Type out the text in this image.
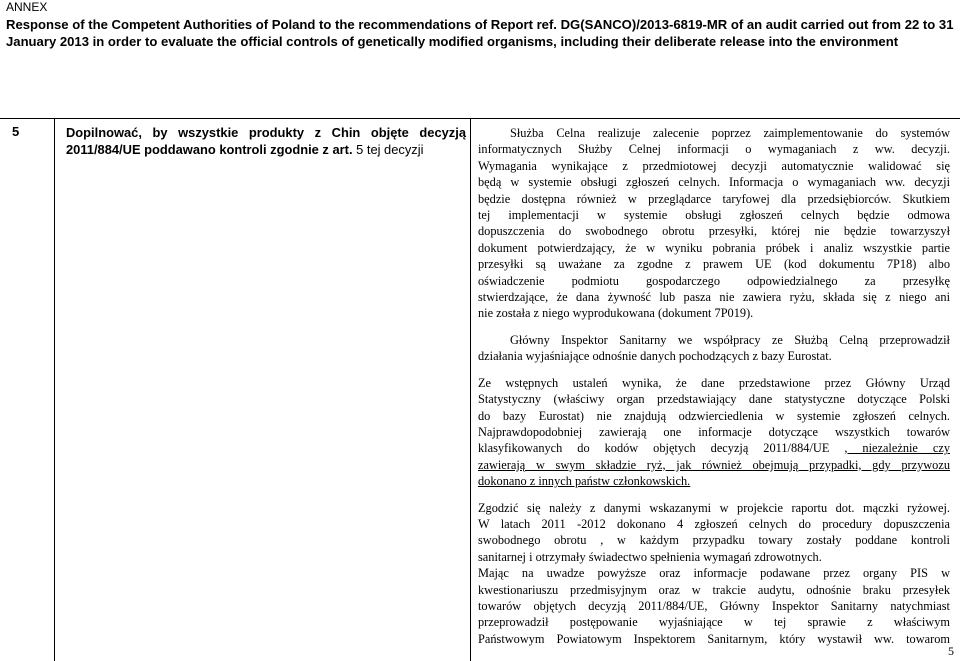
ANNEX
Response of the Competent Authorities of Poland to the recommendations of Report ref. DG(SANCO)/2013-6819-MR of an audit carried out from 22 to 31
January 2013 in order to evaluate the official controls of genetically modified organisms, including their deliberate release into the environment
5	Dopilnować, by wszystkie produkty z Chin objęte decyzją
2011/884/UE poddawano kontroli zgodnie z art. 5 tej decyzji
Służba Celna realizuje zalecenie poprzez zaimplementowanie do systemów
informatycznych Służby Celnej informacji o wymaganiach z ww. decyzji.
Wymagania wynikające z przedmiotowej decyzji automatycznie walidować się
będą w systemie obsługi zgłoszeń celnych. Informacja o wymaganiach ww. decyzji
będzie dostępna również w przeglądarce taryfowej dla przedsiębiorców. Skutkiem
tej implementacji w systemie obsługi zgłoszeń celnych będzie odmowa
dopuszczenia do swobodnego obrotu przesyłki, której nie będzie towarzyszył
dokument potwierdzający, że w wyniku pobrania próbek i analiz wszystkie partie
przesyłki są uważane za zgodne z prawem UE (kod dokumentu 7P18) albo
oświadczenie podmiotu gospodarczego odpowiedzialnego za przesyłkę
stwierdzające, że dana żywność lub pasza nie zawiera ryżu, składa się z niego ani
nie została z niego wyprodukowana (dokument 7P019).
Główny Inspektor Sanitarny we współpracy ze Służbą Celną przeprowadził
działania wyjaśniające odnośnie danych pochodzących z bazy Eurostat.
Ze wstępnych ustaleń wynika, że dane przedstawione przez Główny Urząd
Statystyczny (właściwy organ przedstawiający dane statystyczne dotyczące Polski
do bazy Eurostat) nie znajdują odzwierciedlenia w systemie zgłoszeń celnych.
Najprawdopodobniej zawierają one informacje dotyczące wszystkich towarów
klasyfikowanych do kodów objętych decyzją 2011/884/UE , niezależnie czy
zawierają w swym składzie ryż, jak również obejmują przypadki, gdy przywozu
dokonano z innych państw członkowskich.
Zgodzić się należy z danymi wskazanymi w projekcie raportu dot. mączki ryżowej.
W latach 2011 -2012 dokonano 4 zgłoszeń celnych do procedury dopuszczenia
swobodnego obrotu , w każdym przypadku towary zostały poddane kontroli
sanitarnej i otrzymały świadectwo spełnienia wymagań zdrowotnych.
Mając na uwadze powyższe oraz informacje podawane przez organy PIS w
kwestionariuszu przedmisyjnym oraz w trakcie audytu, odnośnie braku przesyłek
towarów objętych decyzją 2011/884/UE, Główny Inspektor Sanitarny natychmiast
przeprowadził postępowanie wyjaśniające w tej sprawie z właściwym
Państwowym Powiatowym Inspektorem Sanitarnym, który wystawił ww. towarom
5
